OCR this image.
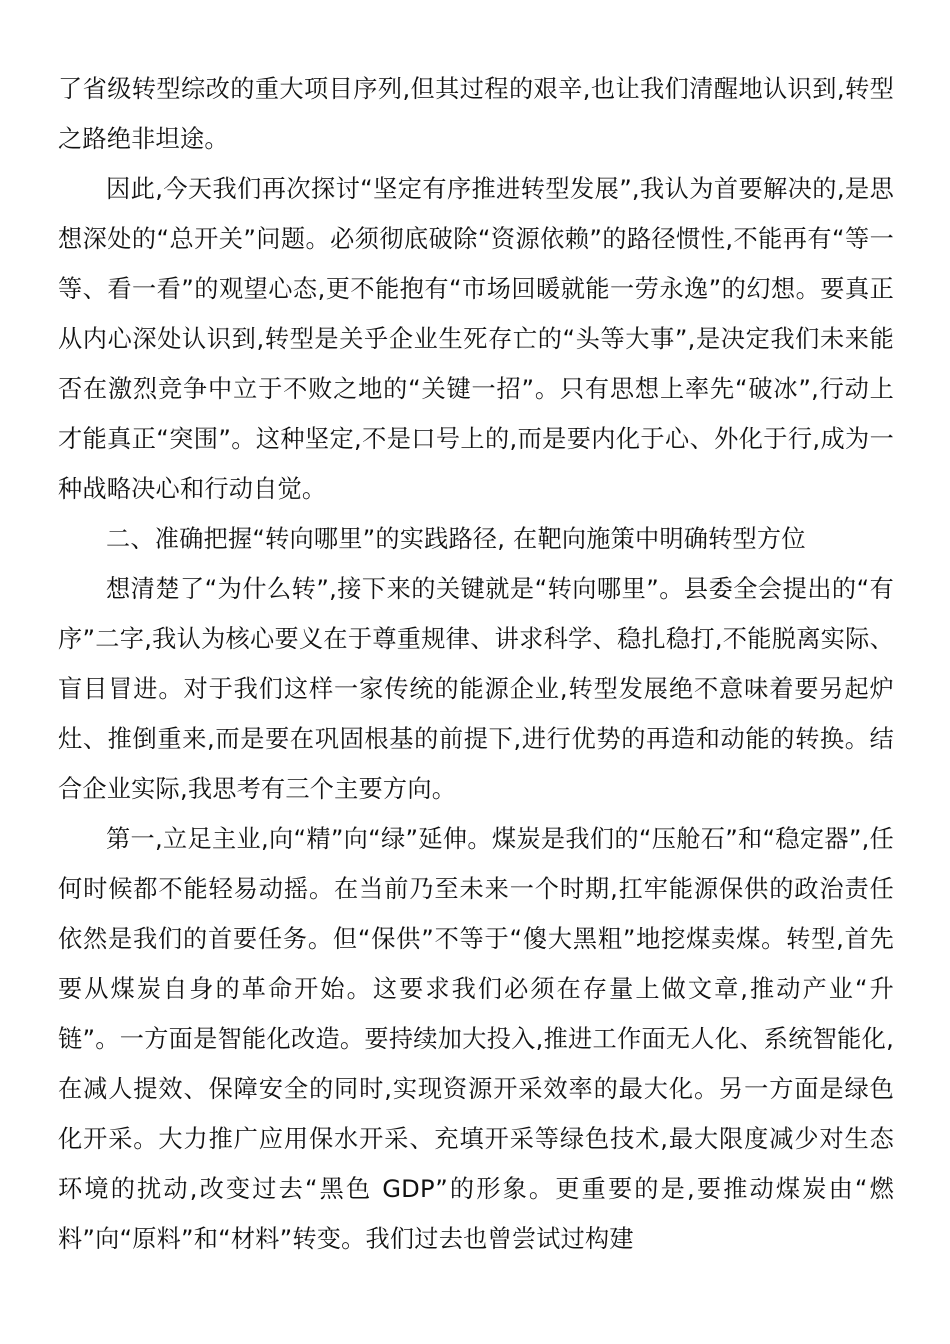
了省级转型综改的重大项目序列,但其过程的艰辛,也让我们清醒地认识到,转型之路绝非坦途。

因此,今天我们再次探讨“坚定有序推进转型发展”,我认为首要解决的,是思想深处的“总开关”问题。必须彻底破除“资源依赖”的路径惯性,不能再有“等一等、看一看”的观望心态,更不能抱有“市场回暖就能一劳永逸”的幻想。要真正从内心深处认识到,转型是关乎企业生死存亡的“头等大事”,是决定我们未来能否在激烈竞争中立于不败之地的“关键一招”。只有思想上率先“破冰”,行动上才能真正“突围”。这种坚定,不是口号上的,而是要内化于心、外化于行,成为一种战略决心和行动自觉。

二、准确把握“转向哪里”的实践路径, 在靶向施策中明确转型方位

想清楚了“为什么转”,接下来的关键就是“转向哪里”。县委全会提出的“有序”二字,我认为核心要义在于尊重规律、讲求科学、稳扎稳打,不能脱离实际、盲目冒进。对于我们这样一家传统的能源企业,转型发展绝不意味着要另起炉灶、推倒重来,而是要在巩固根基的前提下,进行优势的再造和动能的转换。结合企业实际,我思考有三个主要方向。

第一,立足主业,向“精”向“绿”延伸。煤炭是我们的“压舱石”和“稳定器”,任何时候都不能轻易动摇。在当前乃至未来一个时期,扛牢能源保供的政治责任依然是我们的首要任务。但“保供”不等于“傻大黑粗”地挖煤卖煤。转型,首先要从煤炭自身的革命开始。这要求我们必须在存量上做文章,推动产业“升链”。一方面是智能化改造。要持续加大投入,推进工作面无人化、系统智能化,在减人提效、保障安全的同时,实现资源开采效率的最大化。另一方面是绿色化开采。大力推广应用保水开采、充填开采等绿色技术,最大限度减少对生态环境的扰动,改变过去“黑色 GDP”的形象。更重要的是,要推动煤炭由“燃料”向“原料”和“材料”转变。我们过去也曾尝试过构建
